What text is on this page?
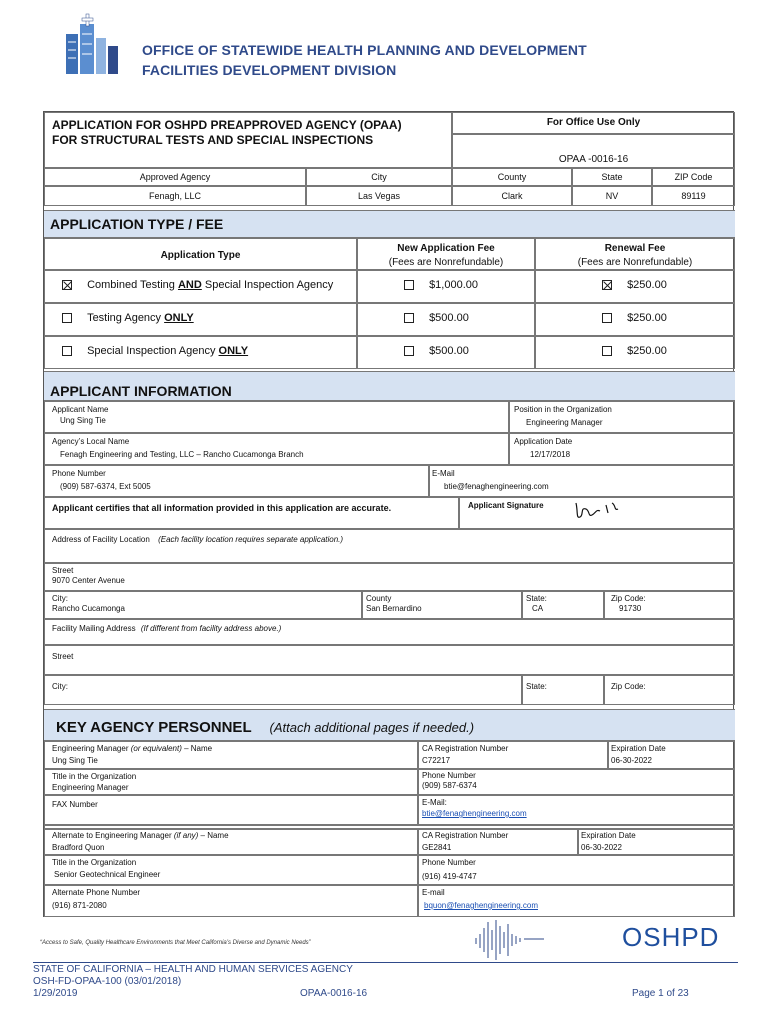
OFFICE OF STATEWIDE HEALTH PLANNING AND DEVELOPMENT
FACILITIES DEVELOPMENT DIVISION
APPLICATION FOR OSHPD PREAPPROVED AGENCY (OPAA)
FOR STRUCTURAL TESTS AND SPECIAL INSPECTIONS
For Office Use Only
OPAA -0016-16
Approved Agency	City	County	State	ZIP Code
Fenagh, LLC	Las Vegas	Clark	NV	89119
APPLICATION TYPE / FEE
Application Type
New Application Fee
(Fees are Nonrefundable)
Renewal Fee
(Fees are Nonrefundable)
Combined Testing AND Special Inspection Agency	$1,000.00	$250.00
Testing Agency ONLY	$500.00	$250.00
Special Inspection Agency ONLY	$500.00	$250.00
APPLICANT INFORMATION
Applicant Name
Ung Sing Tie
Position in the Organization
Engineering Manager
Agency’s Local Name
Fenagh Engineering and Testing, LLC – Rancho Cucamonga Branch
Application Date
12/17/2018
Phone Number
(909) 587-6374, Ext 5005
E-Mail
btie@fenaghengineering.com
Applicant certifies that all information provided in this application are accurate.	Applicant Signature
Address of Facility Location (Each facility location requires separate application.)
Street
9070 Center Avenue
City:
Rancho Cucamonga
County
San Bernardino
State:
CA
Zip Code:
91730
Facility Mailing Address (If different from facility address above.)
Street
City:	State:	Zip Code:
KEY AGENCY PERSONNEL (Attach additional pages if needed.)
Engineering Manager (or equivalent) – Name
Ung Sing Tie
CA Registration Number
C72217
Expiration Date
06-30-2022
Title in the Organization
Engineering Manager
Phone Number
(909) 587-6374
FAX Number	E-Mail:
btie@fenaghengineering.com
Alternate to Engineering Manager (if any) – Name
Bradford Quon
CA Registration Number
GE2841
Expiration Date
06-30-2022
Title in the Organization
Senior Geotechnical Engineer
Phone Number
(916) 419-4747
Alternate Phone Number
(916) 871-2080
E-mail
bquon@fenaghengineering.com
“Access to Safe, Quality Healthcare Environments that Meet California’s Diverse and Dynamic Needs”	OSHPD
STATE OF CALIFORNIA – HEALTH AND HUMAN SERVICES AGENCY
OSH-FD-OPAA-100 (03/01/2018)
1/29/2019	OPAA-0016-16	Page 1 of 23
